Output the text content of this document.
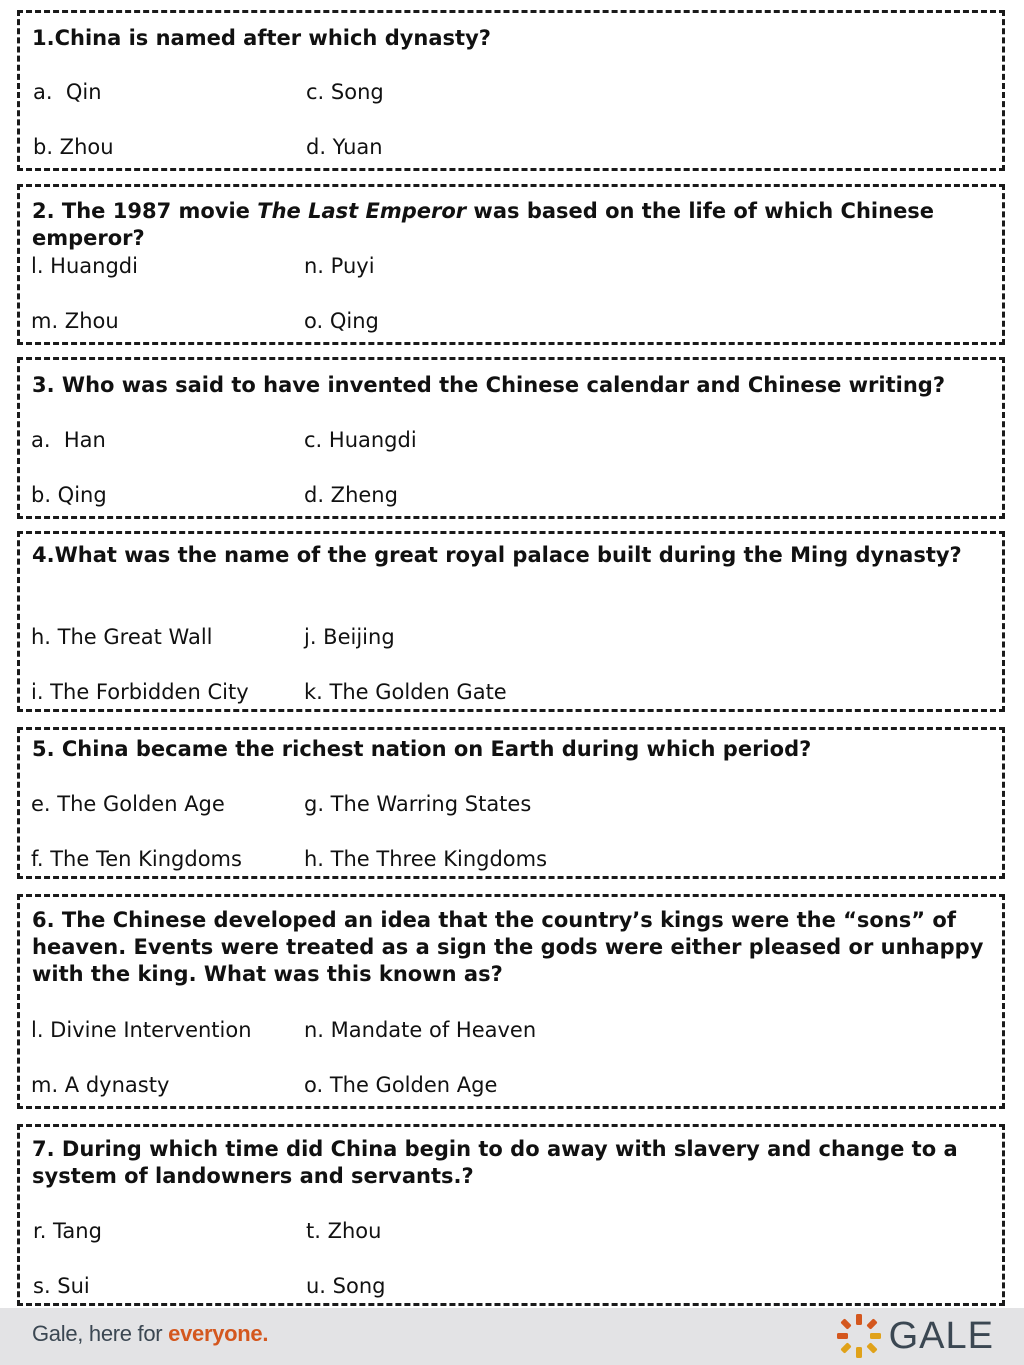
1.China is named after which dynasty?

a.  Qin	c. Song
b. Zhou	d. Yuan

2. The 1987 movie The Last Emperor was based on the life of which Chinese emperor?

l. Huangdi	n. Puyi
m. Zhou	o. Qing

3. Who was said to have invented the Chinese calendar and Chinese writing?

a.  Han	c. Huangdi
b. Qing	d. Zheng

4.What was the name of the great royal palace built during the Ming dynasty?

h. The Great Wall	j. Beijing
i. The Forbidden City	k. The Golden Gate

5. China became the richest nation on Earth during which period?

e. The Golden Age	g. The Warring States
f. The Ten Kingdoms	h. The Three Kingdoms

6. The Chinese developed an idea that the country’s kings were the “sons” of heaven. Events were treated as a sign the gods were either pleased or unhappy with the king. What was this known as?

l. Divine Intervention n. Mandate of Heaven
m. A dynasty	o. The Golden Age

7. During which time did China begin to do away with slavery and change to a system of landowners and servants.?

r. Tang	t. Zhou
s. Sui	u. Song
Gale, here for everyone.	GALE
